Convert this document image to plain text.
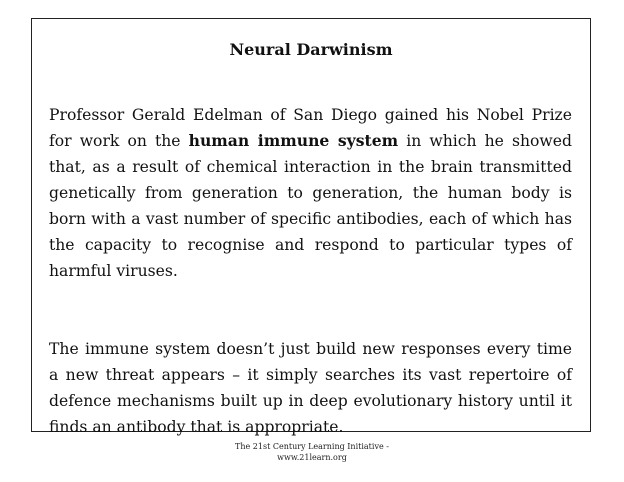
Neural Darwinism

Professor Gerald Edelman of San Diego gained his Nobel Prize for work on the human immune system in which he showed that, as a result of chemical interaction in the brain transmitted genetically from generation to generation, the human body is born with a vast number of specific antibodies, each of which has the capacity to recognise and respond to particular types of harmful viruses.

The immune system doesn’t just build new responses every time a new threat appears – it simply searches its vast repertoire of defence mechanisms built up in deep evolutionary history until it finds an antibody that is appropriate.

The 21st Century Learning Initiative -
www.21learn.org
